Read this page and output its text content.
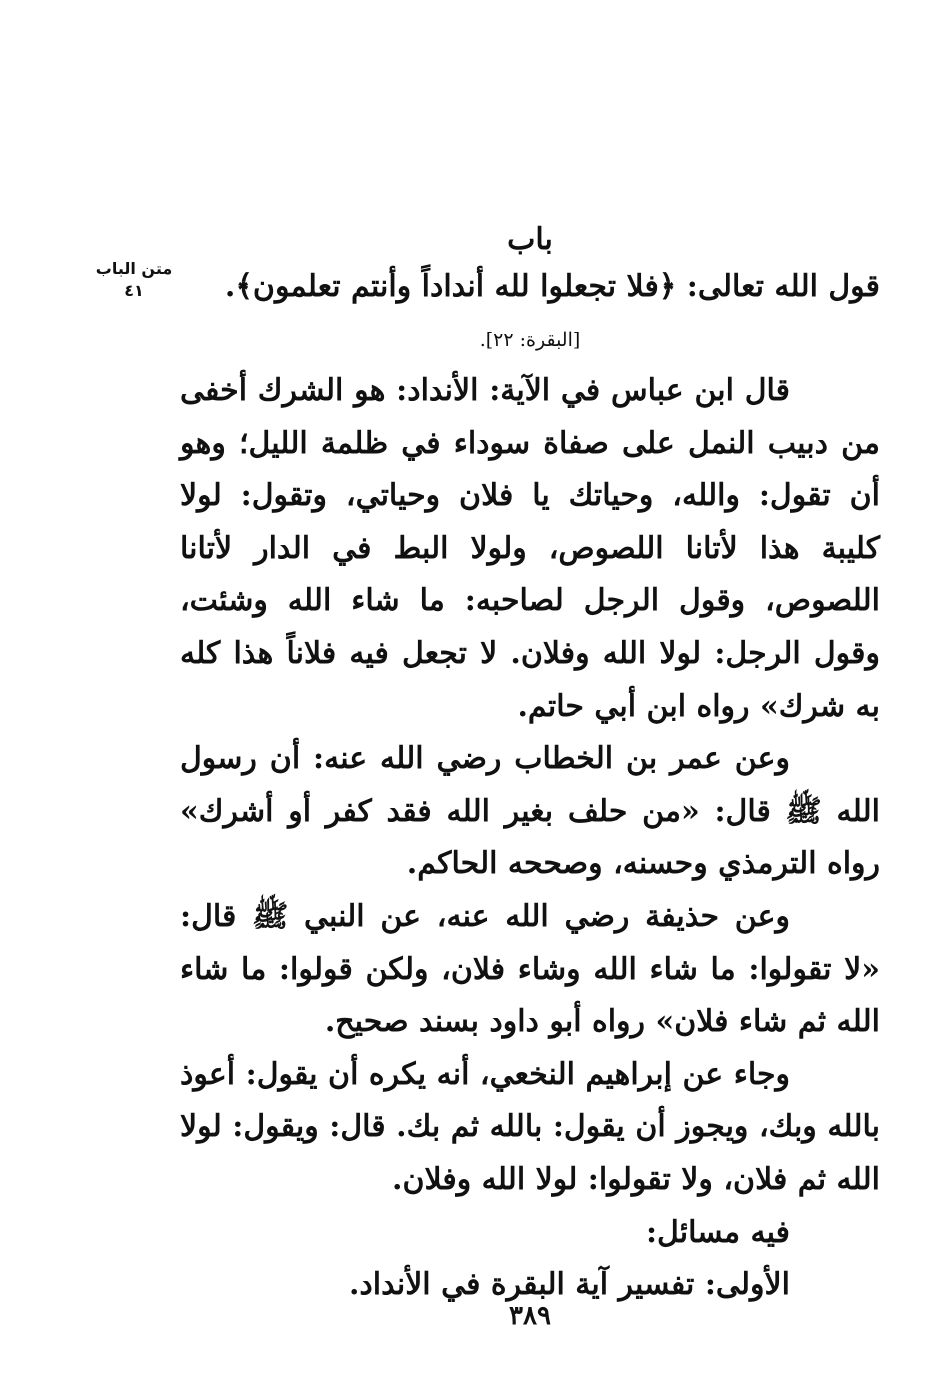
متن الباب
٤١
باب
قول الله تعالى: ﴿فلا تجعلوا لله أنداداً وأنتم تعلمون﴾.
[البقرة: ٢٢].

قال ابن عباس في الآية: الأنداد: هو الشرك أخفى من دبيب النمل على صفاة سوداء في ظلمة الليل؛ وهو أن تقول: والله، وحياتك يا فلان وحياتي، وتقول: لولا كليبة هذا لأتانا اللصوص، ولولا البط في الدار لأتانا اللصوص، وقول الرجل لصاحبه: ما شاء الله وشئت، وقول الرجل: لولا الله وفلان. لا تجعل فيه فلاناً هذا كله به شرك» رواه ابن أبي حاتم.

وعن عمر بن الخطاب رضي الله عنه: أن رسول الله ﷺ قال: «من حلف بغير الله فقد كفر أو أشرك» رواه الترمذي وحسنه، وصححه الحاكم.

وعن حذيفة رضي الله عنه، عن النبي ﷺ قال: «لا تقولوا: ما شاء الله وشاء فلان، ولكن قولوا: ما شاء الله ثم شاء فلان» رواه أبو داود بسند صحيح.

وجاء عن إبراهيم النخعي، أنه يكره أن يقول: أعوذ بالله وبك، ويجوز أن يقول: بالله ثم بك. قال: ويقول: لولا الله ثم فلان، ولا تقولوا: لولا الله وفلان.

فيه مسائل:

الأولى: تفسير آية البقرة في الأنداد.

٣٨٩
